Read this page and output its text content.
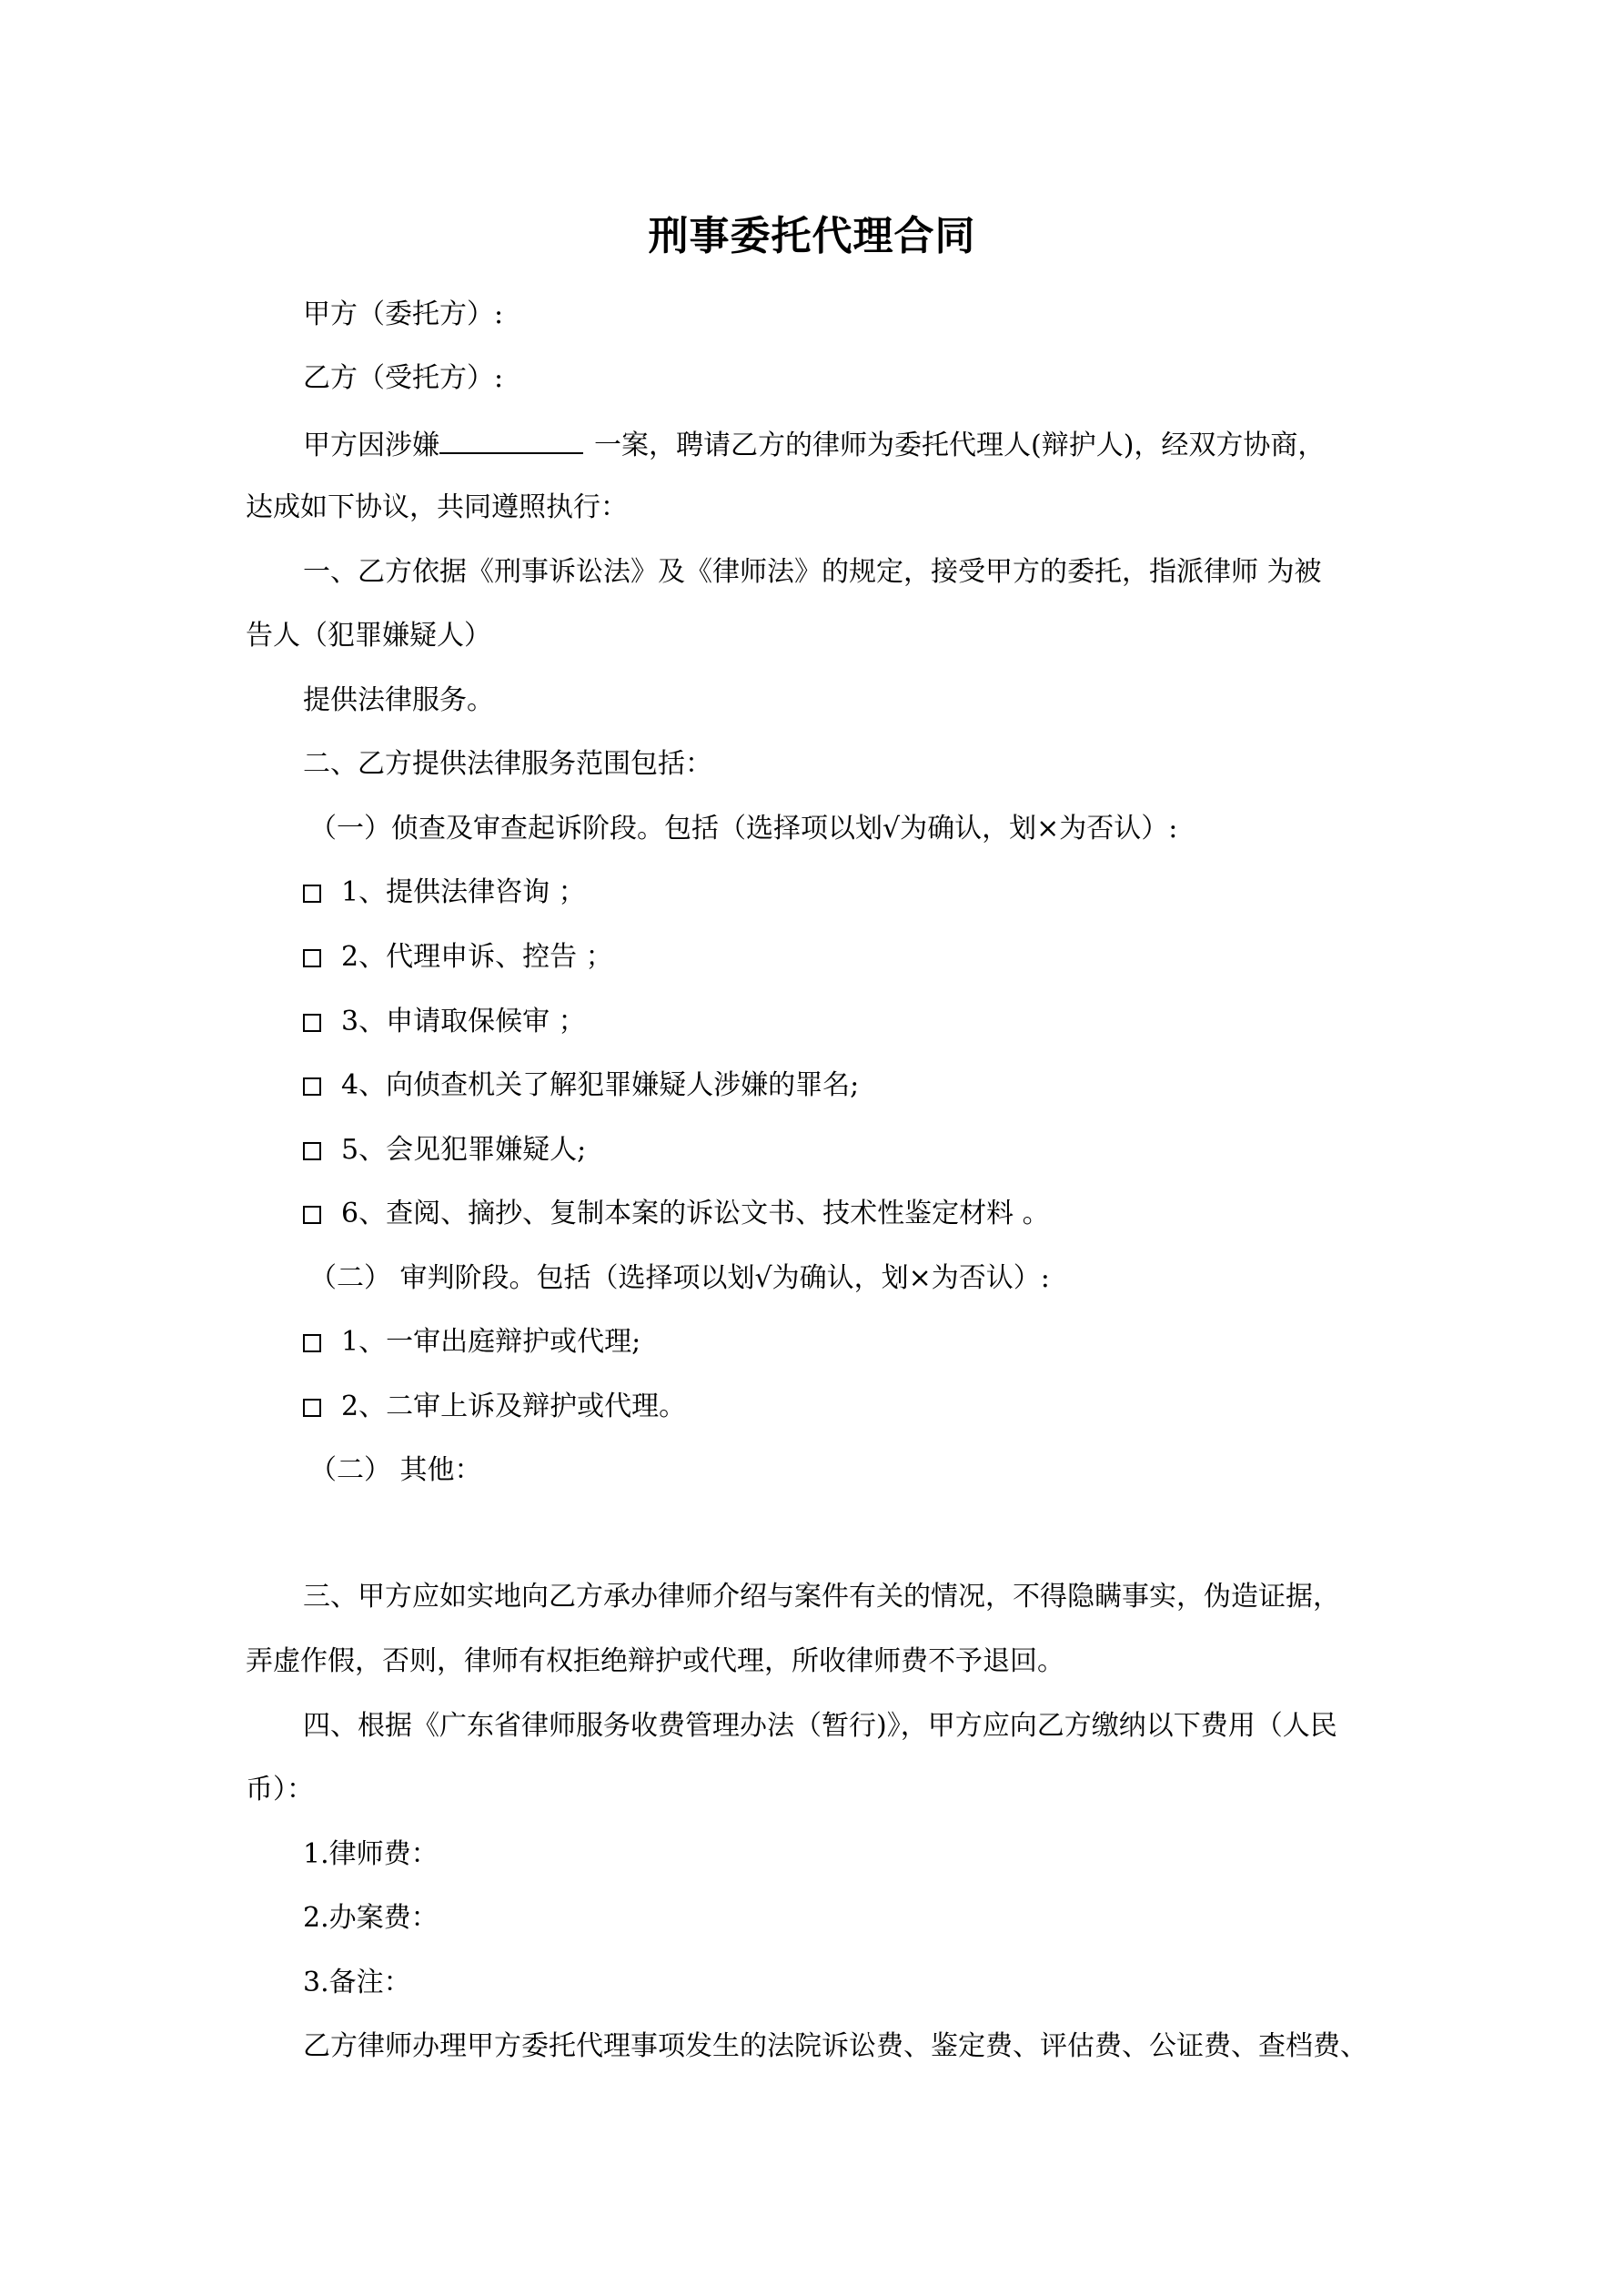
刑事委托代理合同
甲方（委托方）:
乙方（受托方）:
甲方因涉嫌	一案，聘请乙方的律师为委托代理人(辩护人)，经双方协商，
达成如下协议，共同遵照执行：
一、乙方依据《刑事诉讼法》及《律师法》的规定，接受甲方的委托，指派律师 为被
告人（犯罪嫌疑人）
提供法律服务。
二、乙方提供法律服务范围包括：
（一）侦查及审查起诉阶段。包括（选择项以划√为确认，划×为否认）:
1、提供法律咨询 ；
2、代理申诉、控告 ；
3、申请取保候审 ；
4、向侦查机关了解犯罪嫌疑人涉嫌的罪名;
5、会见犯罪嫌疑人;
6、查阅、摘抄、复制本案的诉讼文书、技术性鉴定材料 。
（二） 审判阶段。包括（选择项以划√为确认，划×为否认）:
1、一审出庭辩护或代理;
2、二审上诉及辩护或代理。
（二） 其他：
三、甲方应如实地向乙方承办律师介绍与案件有关的情况，不得隐瞒事实，伪造证据，
弄虚作假，否则，律师有权拒绝辩护或代理，所收律师费不予退回。
四、根据《广东省律师服务收费管理办法（暂行)》，甲方应向乙方缴纳以下费用（人民
币）：
1.律师费：
2.办案费：
3.备注：
乙方律师办理甲方委托代理事项发生的法院诉讼费、鉴定费、评估费、公证费、查档费、
